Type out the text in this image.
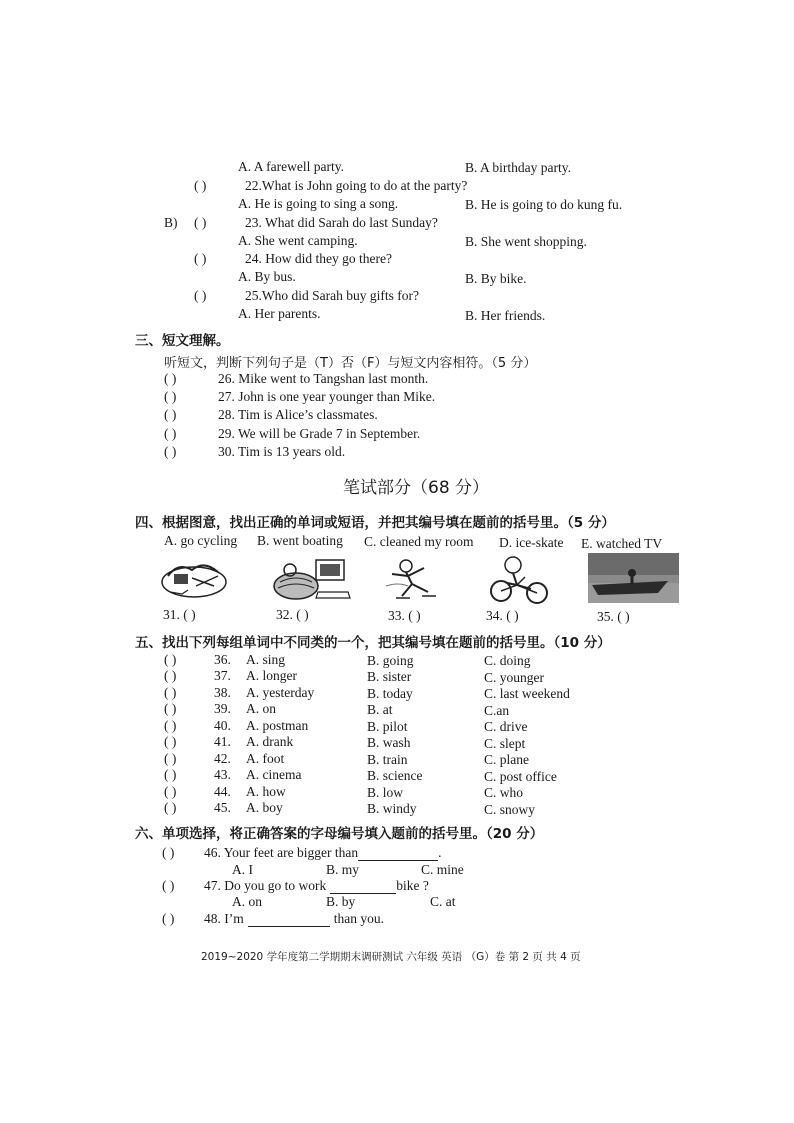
A. A farewell party.	B. A birthday party.
( )	22.What is John going to do at the party?
A. He is going to sing a song.	B. He is going to do kung fu.
B) ( )	23. What did Sarah do last Sunday?
A. She went camping.	B. She went shopping.
( )	24. How did they go there?
A. By bus.	B. By bike.
( )	25.Who did Sarah buy gifts for?
A. Her parents.	B. Her friends.
三、短文理解。
听短文，判断下列句子是（T）否（F）与短文内容相符。（5 分）
( )	26. Mike went to Tangshan last month.
( )	27. John is one year younger than Mike.
( )	28. Tim is Alice’s classmates.
( )	29. We will be Grade 7 in September.
( )	30. Tim is 13 years old.
笔试部分（68 分）
四、根据图意，找出正确的单词或短语，并把其编号填在题前的括号里。（5 分）
A. go cycling B. went boating C. cleaned my room D. ice-skate E. watched TV
31. ( )	32. ( )	33. ( )	34. ( )	35. ( )
五、找出下列每组单词中不同类的一个，把其编号填在题前的括号里。（10 分）
( )	36. A. sing	B. going	C. doing
( )	37. A. longer	B. sister	C. younger
( )	38. A. yesterday	B. today	C. last weekend
( )	39. A. on	B. at	C.an
( )	40. A. postman	B. pilot	C. drive
( )	41. A. drank	B. wash	C. slept
( )	42. A. foot	B. train	C. plane
( )	43. A. cinema	B. science	C. post office
( )	44. A. how	B. low	C. who
( )	45. A. boy	B. windy	C. snowy
六、单项选择，将正确答案的字母编号填入题前的括号里。（20 分）
( ) 46. Your feet are bigger than	.
A. I	B. my	C. mine
( ) 47. Do you go to work	bike ?
A. on	B. by	C. at
( ) 48. I’m	than you.
2019~2020 学年度第二学期期末调研测试 六年级 英语 （G）卷 第 2 页 共 4 页
